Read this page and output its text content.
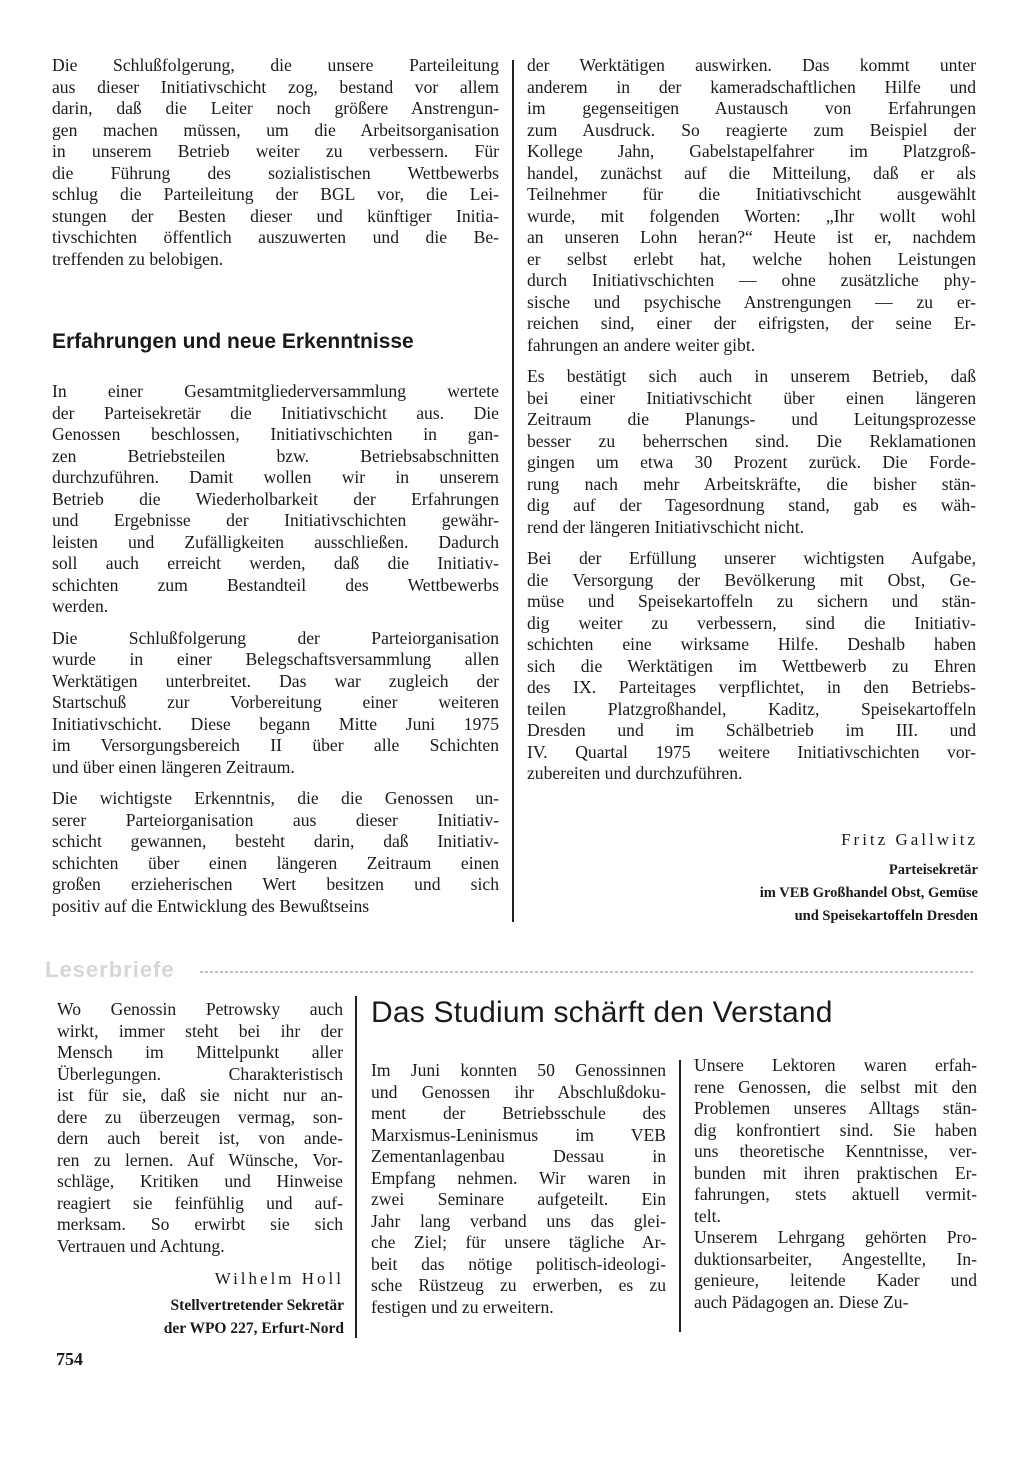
Die Schlußfolgerung, die unsere Parteileitung
aus dieser Initiativschicht zog, bestand vor allem
darin, daß die Leiter noch größere Anstrengun-
gen machen müssen, um die Arbeitsorganisation
in unserem Betrieb weiter zu verbessern. Für
die Führung des sozialistischen Wettbewerbs
schlug die Parteileitung der BGL vor, die Lei-
stungen der Besten dieser und künftiger Initia-
tivschichten öffentlich auszuwerten und die Be-
treffenden zu belobigen.
Erfahrungen und neue Erkenntnisse
In einer Gesamtmitgliederversammlung wertete
der Parteisekretär die Initiativschicht aus. Die
Genossen beschlossen, Initiativschichten in gan-
zen Betriebsteilen bzw. Betriebsabschnitten
durchzuführen. Damit wollen wir in unserem
Betrieb die Wiederholbarkeit der Erfahrungen
und Ergebnisse der Initiativschichten gewähr-
leisten und Zufälligkeiten ausschließen. Dadurch
soll auch erreicht werden, daß die Initiativ-
schichten zum Bestandteil des Wettbewerbs
werden.
Die Schlußfolgerung der Parteiorganisation
wurde in einer Belegschaftsversammlung allen
Werktätigen unterbreitet. Das war zugleich der
Startschuß zur Vorbereitung einer weiteren
Initiativschicht. Diese begann Mitte Juni 1975
im Versorgungsbereich II über alle Schichten
und über einen längeren Zeitraum.
Die wichtigste Erkenntnis, die die Genossen un-
serer Parteiorganisation aus dieser Initiativ-
schicht gewannen, besteht darin, daß Initiativ-
schichten über einen längeren Zeitraum einen
großen erzieherischen Wert besitzen und sich
positiv auf die Entwicklung des Bewußtseins
der Werktätigen auswirken. Das kommt unter
anderem in der kameradschaftlichen Hilfe und
im gegenseitigen Austausch von Erfahrungen
zum Ausdruck. So reagierte zum Beispiel der
Kollege Jahn, Gabelstapelfahrer im Platzgroß-
handel, zunächst auf die Mitteilung, daß er als
Teilnehmer für die Initiativschicht ausgewählt
wurde, mit folgenden Worten: „Ihr wollt wohl
an unseren Lohn heran?“ Heute ist er, nachdem
er selbst erlebt hat, welche hohen Leistungen
durch Initiativschichten — ohne zusätzliche phy-
sische und psychische Anstrengungen — zu er-
reichen sind, einer der eifrigsten, der seine Er-
fahrungen an andere weiter gibt.
Es bestätigt sich auch in unserem Betrieb, daß
bei einer Initiativschicht über einen längeren
Zeitraum die Planungs- und Leitungsprozesse
besser zu beherrschen sind. Die Reklamationen
gingen um etwa 30 Prozent zurück. Die Forde-
rung nach mehr Arbeitskräfte, die bisher stän-
dig auf der Tagesordnung stand, gab es wäh-
rend der längeren Initiativschicht nicht.
Bei der Erfüllung unserer wichtigsten Aufgabe,
die Versorgung der Bevölkerung mit Obst, Ge-
müse und Speisekartoffeln zu sichern und stän-
dig weiter zu verbessern, sind die Initiativ-
schichten eine wirksame Hilfe. Deshalb haben
sich die Werktätigen im Wettbewerb zu Ehren
des IX. Parteitages verpflichtet, in den Betriebs-
teilen Platzgroßhandel, Kaditz, Speisekartoffeln
Dresden und im Schälbetrieb im III. und
IV. Quartal 1975 weitere Initiativschichten vor-
zubereiten und durchzuführen.
Fritz Gallwitz
Parteisekretär
im VEB Großhandel Obst, Gemüse
und Speisekartoffeln Dresden
Leserbriefe
Wo Genossin Petrowsky auch
wirkt, immer steht bei ihr der
Mensch im Mittelpunkt aller
Überlegungen. Charakteristisch
ist für sie, daß sie nicht nur an-
dere zu überzeugen vermag, son-
dern auch bereit ist, von ande-
ren zu lernen. Auf Wünsche, Vor-
schläge, Kritiken und Hinweise
reagiert sie feinfühlig und auf-
merksam. So erwirbt sie sich
Vertrauen und Achtung.
Wilhelm Holl
Stellvertretender Sekretär
der WPO 227, Erfurt-Nord
Das Studium schärft den Verstand
Im Juni konnten 50 Genossinnen
und Genossen ihr Abschlußdoku-
ment der Betriebsschule des
Marxismus-Leninismus im VEB
Zementanlagenbau Dessau in
Empfang nehmen. Wir waren in
zwei Seminare aufgeteilt. Ein
Jahr lang verband uns das glei-
che Ziel; für unsere tägliche Ar-
beit das nötige politisch-ideologi-
sche Rüstzeug zu erwerben, es zu
festigen und zu erweitern.
Unsere Lektoren waren erfah-
rene Genossen, die selbst mit den
Problemen unseres Alltags stän-
dig konfrontiert sind. Sie haben
uns theoretische Kenntnisse, ver-
bunden mit ihren praktischen Er-
fahrungen, stets aktuell vermit-
telt.
Unserem Lehrgang gehörten Pro-
duktionsarbeiter, Angestellte, In-
genieure, leitende Kader und
auch Pädagogen an. Diese Zu-
754
